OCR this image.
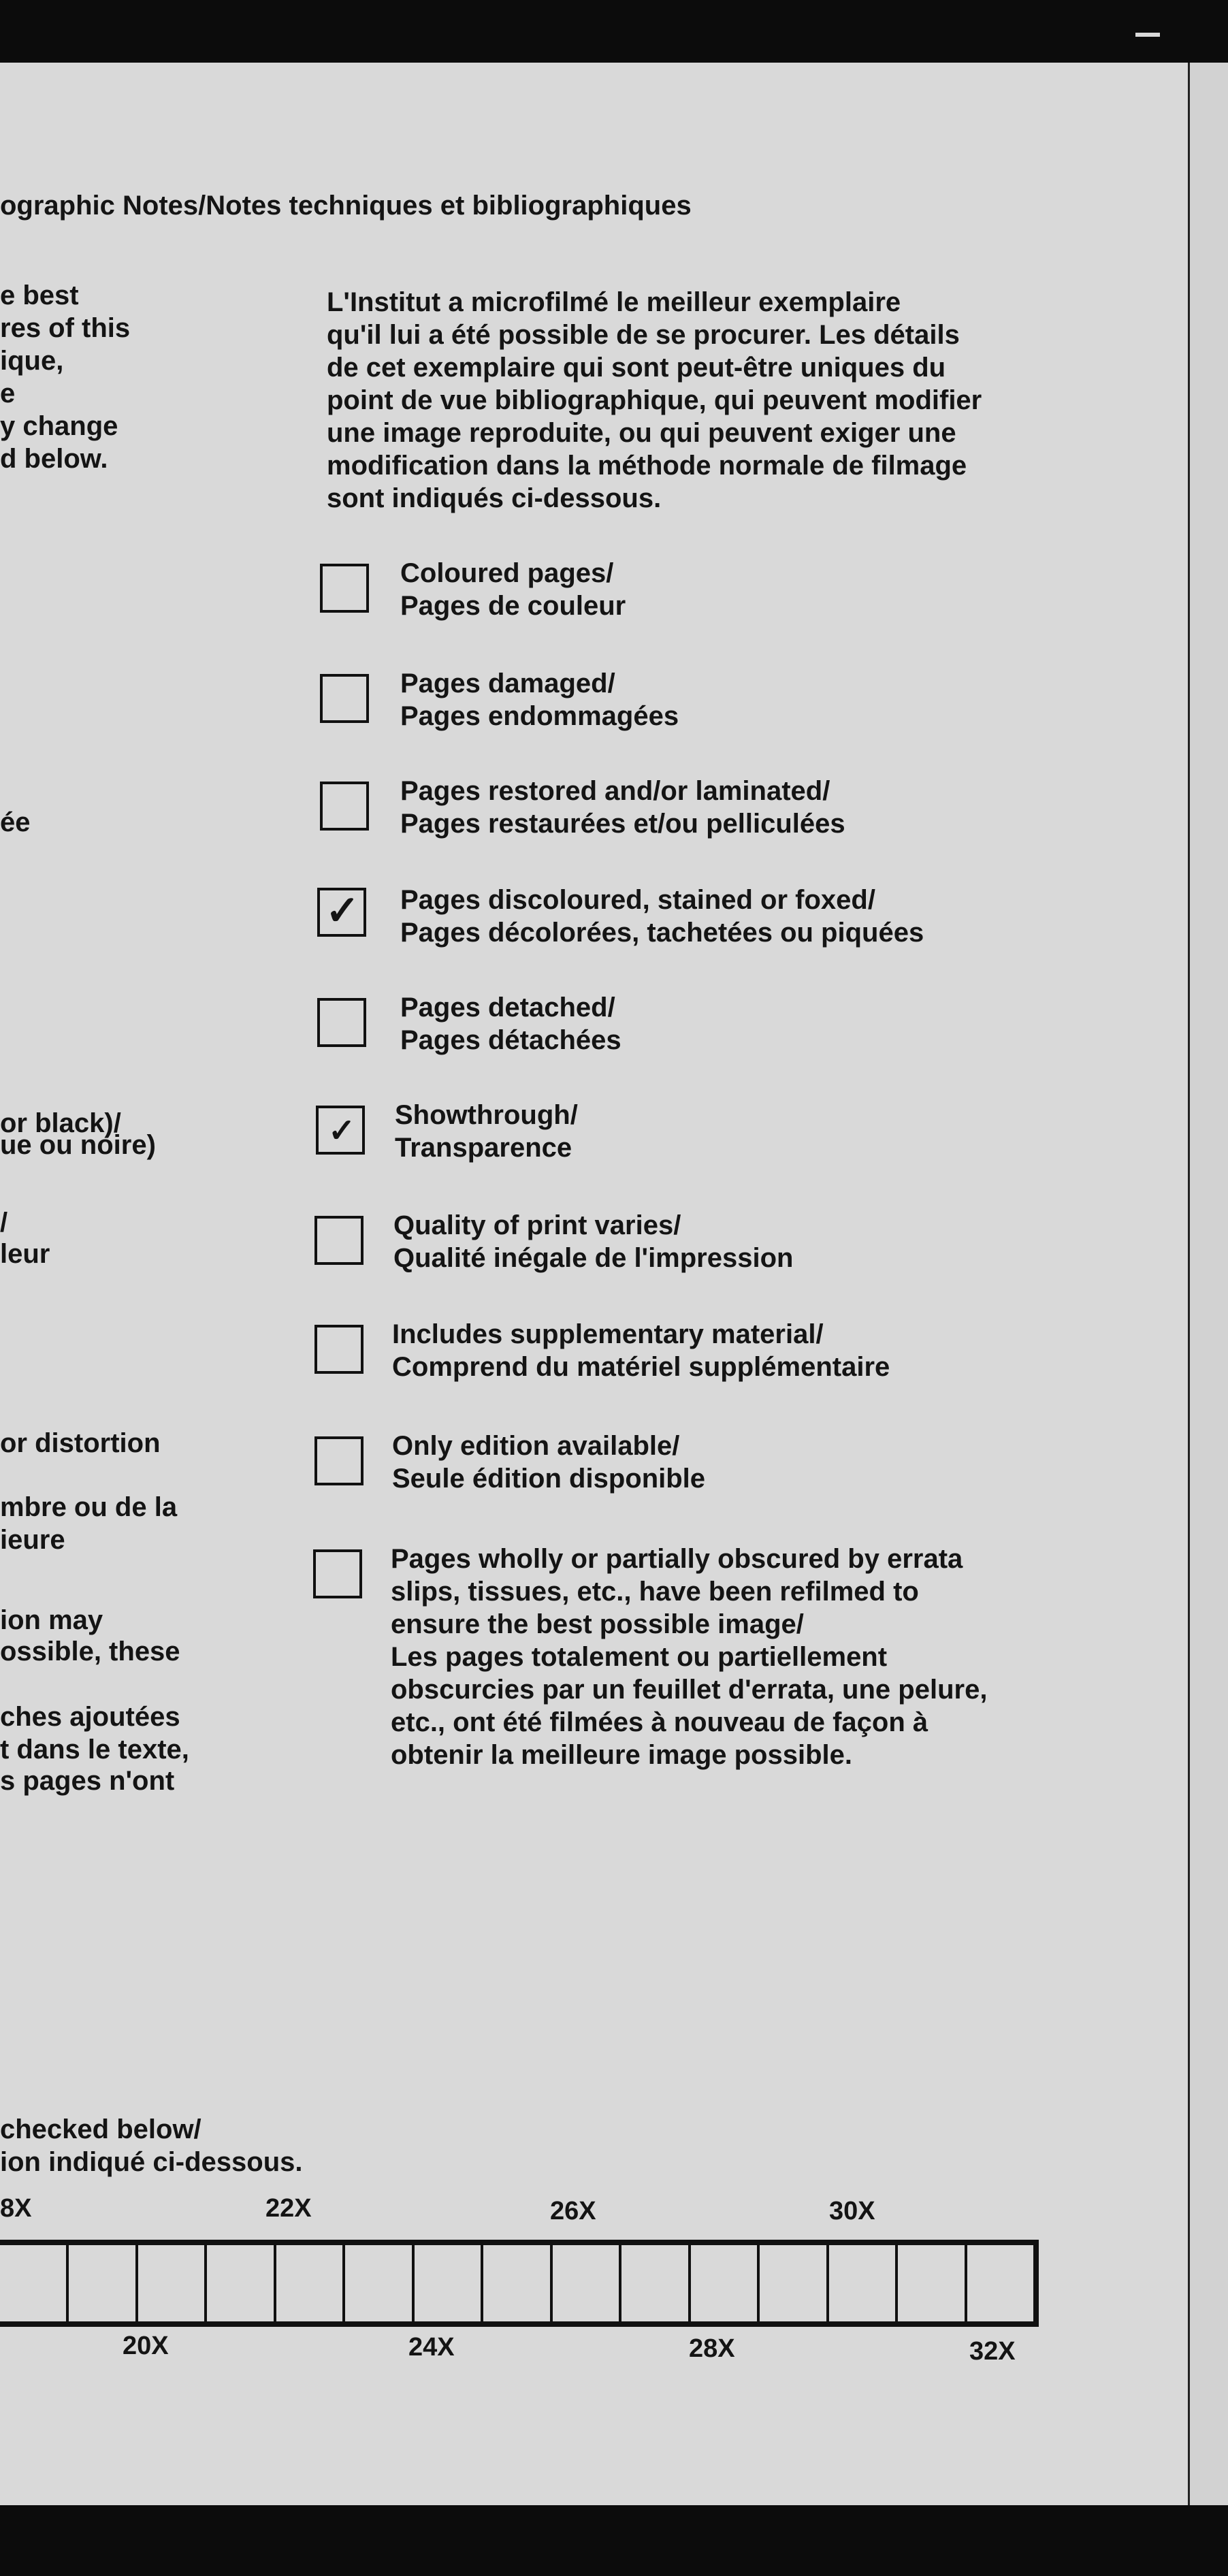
ographic Notes/Notes techniques et bibliographiques
e best
res of this
ique,
e
y change
d below.
ée
or black)/
ue ou noire)
/
leur
or distortion
mbre ou de la
ieure
ion may
ossible, these
ches ajoutées
t dans le texte,
s pages n'ont
L'Institut a microfilmé le meilleur exemplaire
qu'il lui a été possible de se procurer. Les détails
de cet exemplaire qui sont peut-être uniques du
point de vue bibliographique, qui peuvent modifier
une image reproduite, ou qui peuvent exiger une
modification dans la méthode normale de filmage
sont indiqués ci-dessous.
Coloured pages/
Pages de couleur
Pages damaged/
Pages endommagées
Pages restored and/or laminated/
Pages restaurées et/ou pelliculées
✓ Pages discoloured, stained or foxed/
Pages décolorées, tachetées ou piquées
Pages detached/
Pages détachées
✓ Showthrough/
Transparence
Quality of print varies/
Qualité inégale de l'impression
Includes supplementary material/
Comprend du matériel supplémentaire
Only edition available/
Seule édition disponible
Pages wholly or partially obscured by errata
slips, tissues, etc., have been refilmed to
ensure the best possible image/
Les pages totalement ou partiellement
obscurcies par un feuillet d'errata, une pelure,
etc., ont été filmées à nouveau de façon à
obtenir la meilleure image possible.
checked below/
ion indiqué ci-dessous.
8X	22X	26X	30X
20X	24X	28X	32X
